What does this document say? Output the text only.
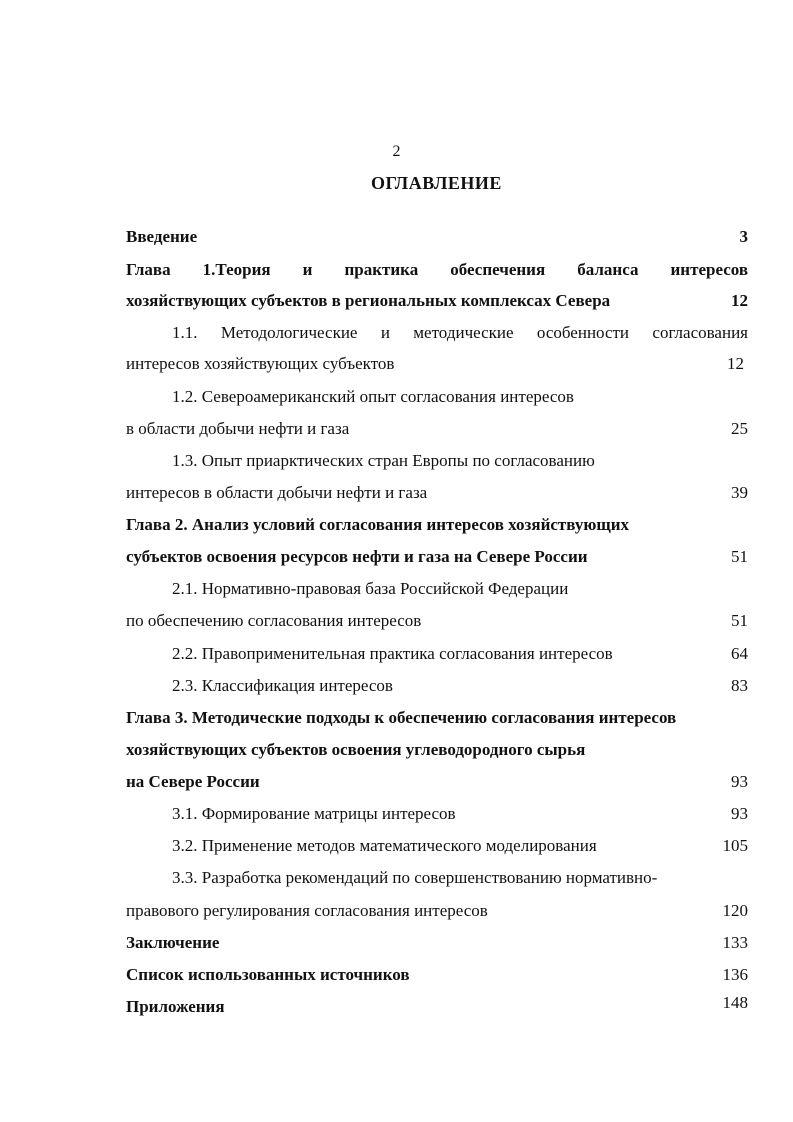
2
ОГЛАВЛЕНИЕ
Введение	3
Глава 1.Теория и практика обеспечения баланса интересов
хозяйствующих субъектов в региональных комплексах Севера	12
1.1. Методологические и методические особенности согласования
интересов хозяйствующих субъектов	12
1.2. Североамериканский опыт согласования интересов
в области добычи нефти и газа	25
1.3. Опыт приарктических стран Европы по согласованию
интересов в области добычи нефти и газа	39
Глава 2. Анализ условий согласования интересов хозяйствующих
субъектов освоения ресурсов нефти и газа на Севере России	51
2.1. Нормативно-правовая база Российской Федерации
по обеспечению согласования интересов	51
2.2. Правоприменительная практика согласования интересов	64
2.3. Классификация интересов	83
Глава 3. Методические подходы к обеспечению согласования интересов
хозяйствующих субъектов освоения углеводородного сырья
на Севере России	93
3.1. Формирование матрицы интересов	93
3.2. Применение методов математического моделирования	105
3.3. Разработка рекомендаций по совершенствованию нормативно-
правового регулирования согласования интересов	120
Заключение	133
Список использованных источников	136
Приложения	148
